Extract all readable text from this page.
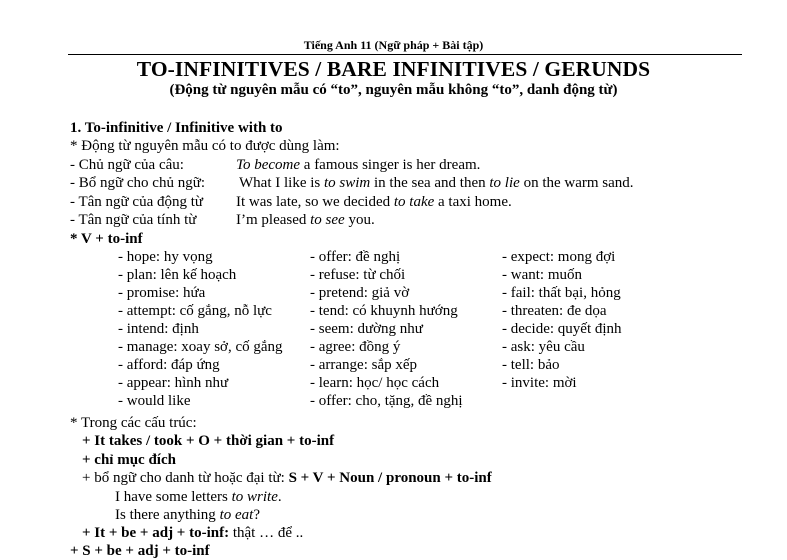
Tiếng Anh 11 (Ngữ pháp + Bài tập)
TO-INFINITIVES / BARE INFINITIVES / GERUNDS
(Động từ nguyên mẫu có “to”, nguyên mẫu không “to”, danh động từ)
1. To-infinitive / Infinitive with to
* Động từ nguyên mẫu có to được dùng làm:
- Chủ ngữ của câu:	To become a famous singer is her dream.
- Bổ ngữ cho chủ ngữ: What I like is to swim in the sea and then to lie on the warm sand.
- Tân ngữ của động từ It was late, so we decided to take a taxi home.
- Tân ngữ của tính từ	I’m pleased to see you.
* V + to-inf
- hope: hy vọng
- plan: lên kế hoạch
- promise: hứa
- attempt: cố gắng, nỗ lực
- intend: định
- manage: xoay sở, cố gắng
- afford: đáp ứng
- appear: hình như
- would like
- offer: đề nghị
- refuse: từ chối
- pretend: giả vờ
- tend: có khuynh hướng
- seem: dường như
- agree: đồng ý
- arrange: sắp xếp
- learn: học/ học cách
- offer: cho, tặng, đề nghị
- expect: mong đợi
- want: muốn
- fail: thất bại, hỏng
- threaten: đe dọa
- decide: quyết định
- ask: yêu cầu
- tell: bảo
- invite: mời
* Trong các cấu trúc:
+ It takes / took + O + thời gian + to-inf
+ chỉ mục đích
+ bổ ngữ cho danh từ hoặc đại từ: S + V + Noun / pronoun + to-inf
I have some letters to write.
Is there anything to eat?
+ It + be + adj + to-inf: thật … để ..
+ S + be + adj + to-inf
